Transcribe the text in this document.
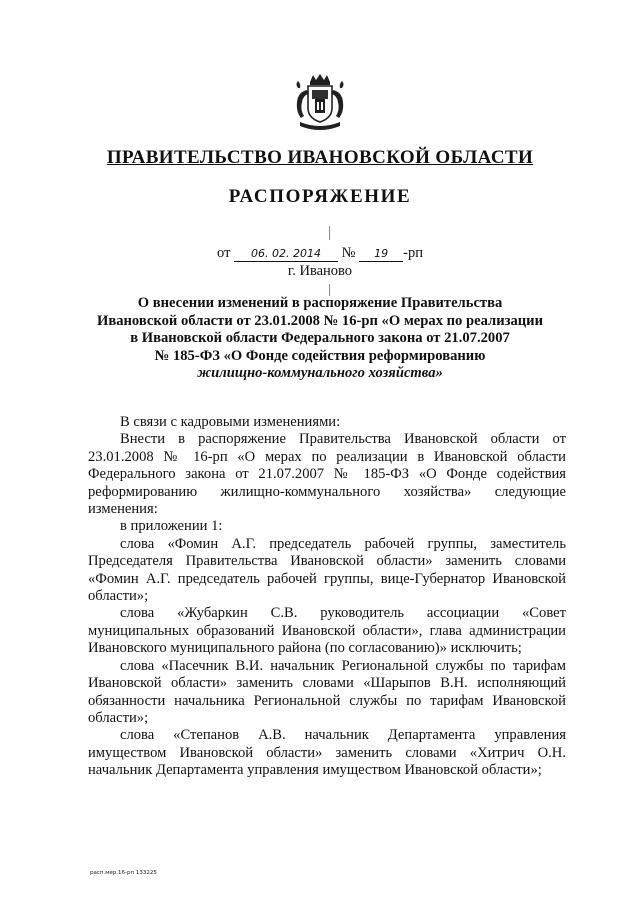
ПРАВИТЕЛЬСТВО ИВАНОВСКОЙ ОБЛАСТИ
РАСПОРЯЖЕНИЕ
от 06. 02. 2014 № 19 -рп
г. Иваново
О внесении изменений в распоряжение Правительства
Ивановской области от 23.01.2008 № 16-рп «О мерах по реализации
в Ивановской области Федерального закона от 21.07.2007
№ 185-ФЗ «О Фонде содействия реформированию
жилищно-коммунального хозяйства»

В связи с кадровыми изменениями:

Внести в распоряжение Правительства Ивановской области от 23.01.2008 № 16-рп «О мерах по реализации в Ивановской области Федерального закона от 21.07.2007 № 185-ФЗ «О Фонде содействия реформированию жилищно-коммунального хозяйства» следующие изменения:

в приложении 1:

слова «Фомин А.Г. председатель рабочей группы, заместитель Председателя Правительства Ивановской области» заменить словами «Фомин А.Г. председатель рабочей группы, вице-Губернатор Ивановской области»;

слова «Жубаркин С.В. руководитель ассоциации «Совет муниципальных образований Ивановской области», глава администрации Ивановского муниципального района (по согласованию)» исключить;

слова «Пасечник В.И. начальник Региональной службы по тарифам Ивановской области» заменить словами «Шарыпов В.Н. исполняющий обязанности начальника Региональной службы по тарифам Ивановской области»;

слова «Степанов А.В. начальник Департамента управления имуществом Ивановской области» заменить словами «Хитрич О.Н. начальник Департамента управления имуществом Ивановской области»;

расп.мер.16-рп 133225
